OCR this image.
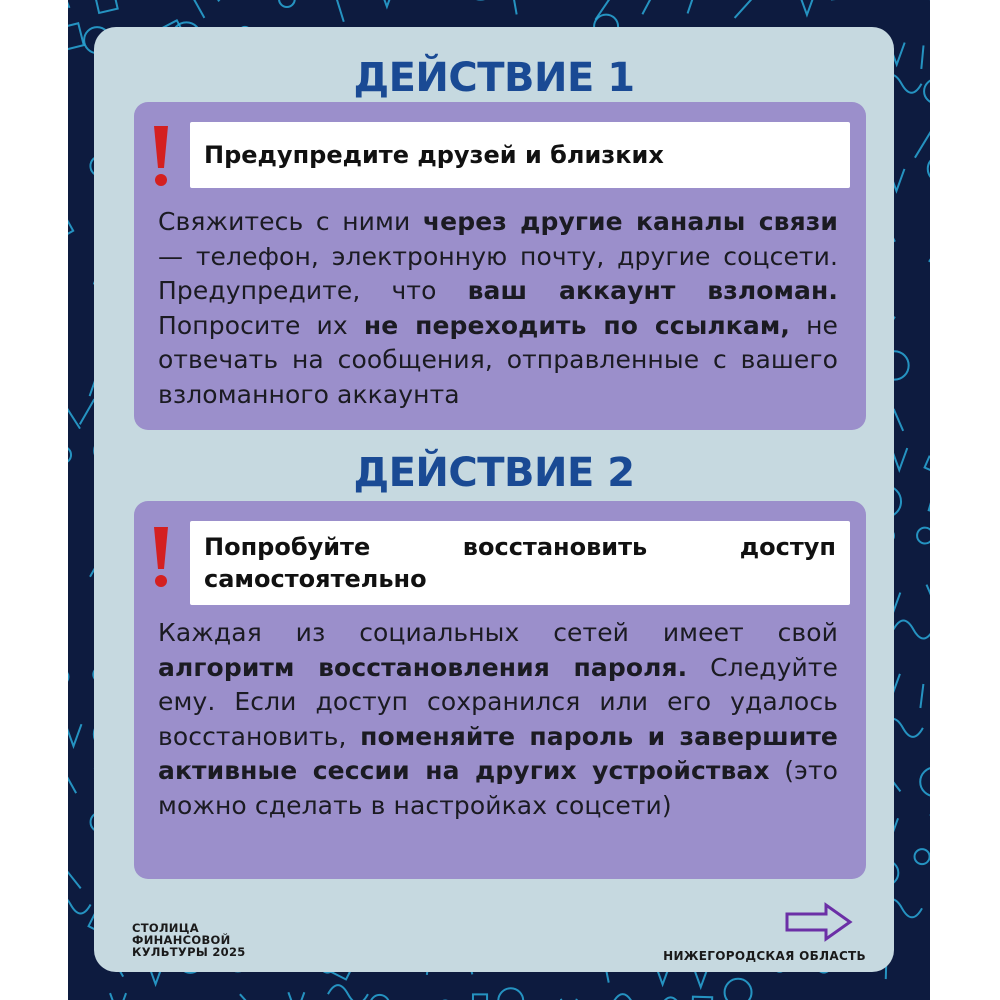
ДЕЙСТВИЕ 1
Предупредите друзей и близких
Свяжитесь с ними через другие каналы связи — телефон, электронную почту, другие соцсети. Предупредите, что ваш аккаунт взломан. Попросите их не переходить по ссылкам, не отвечать на сообщения, отправленные с вашего взломанного аккаунта
ДЕЙСТВИЕ 2
Попробуйте восстановить доступ самостоятельно
Каждая из социальных сетей имеет свой алгоритм восстановления пароля. Следуйте ему. Если доступ сохранился или его удалось восстановить, поменяйте пароль и завершите активные сессии на других устройствах (это можно сделать в настройках соцсети)
СТОЛИЦА
ФИНАНСОВОЙ
КУЛЬТУРЫ 2025	НИЖЕГОРОДСКАЯ ОБЛАСТЬ
